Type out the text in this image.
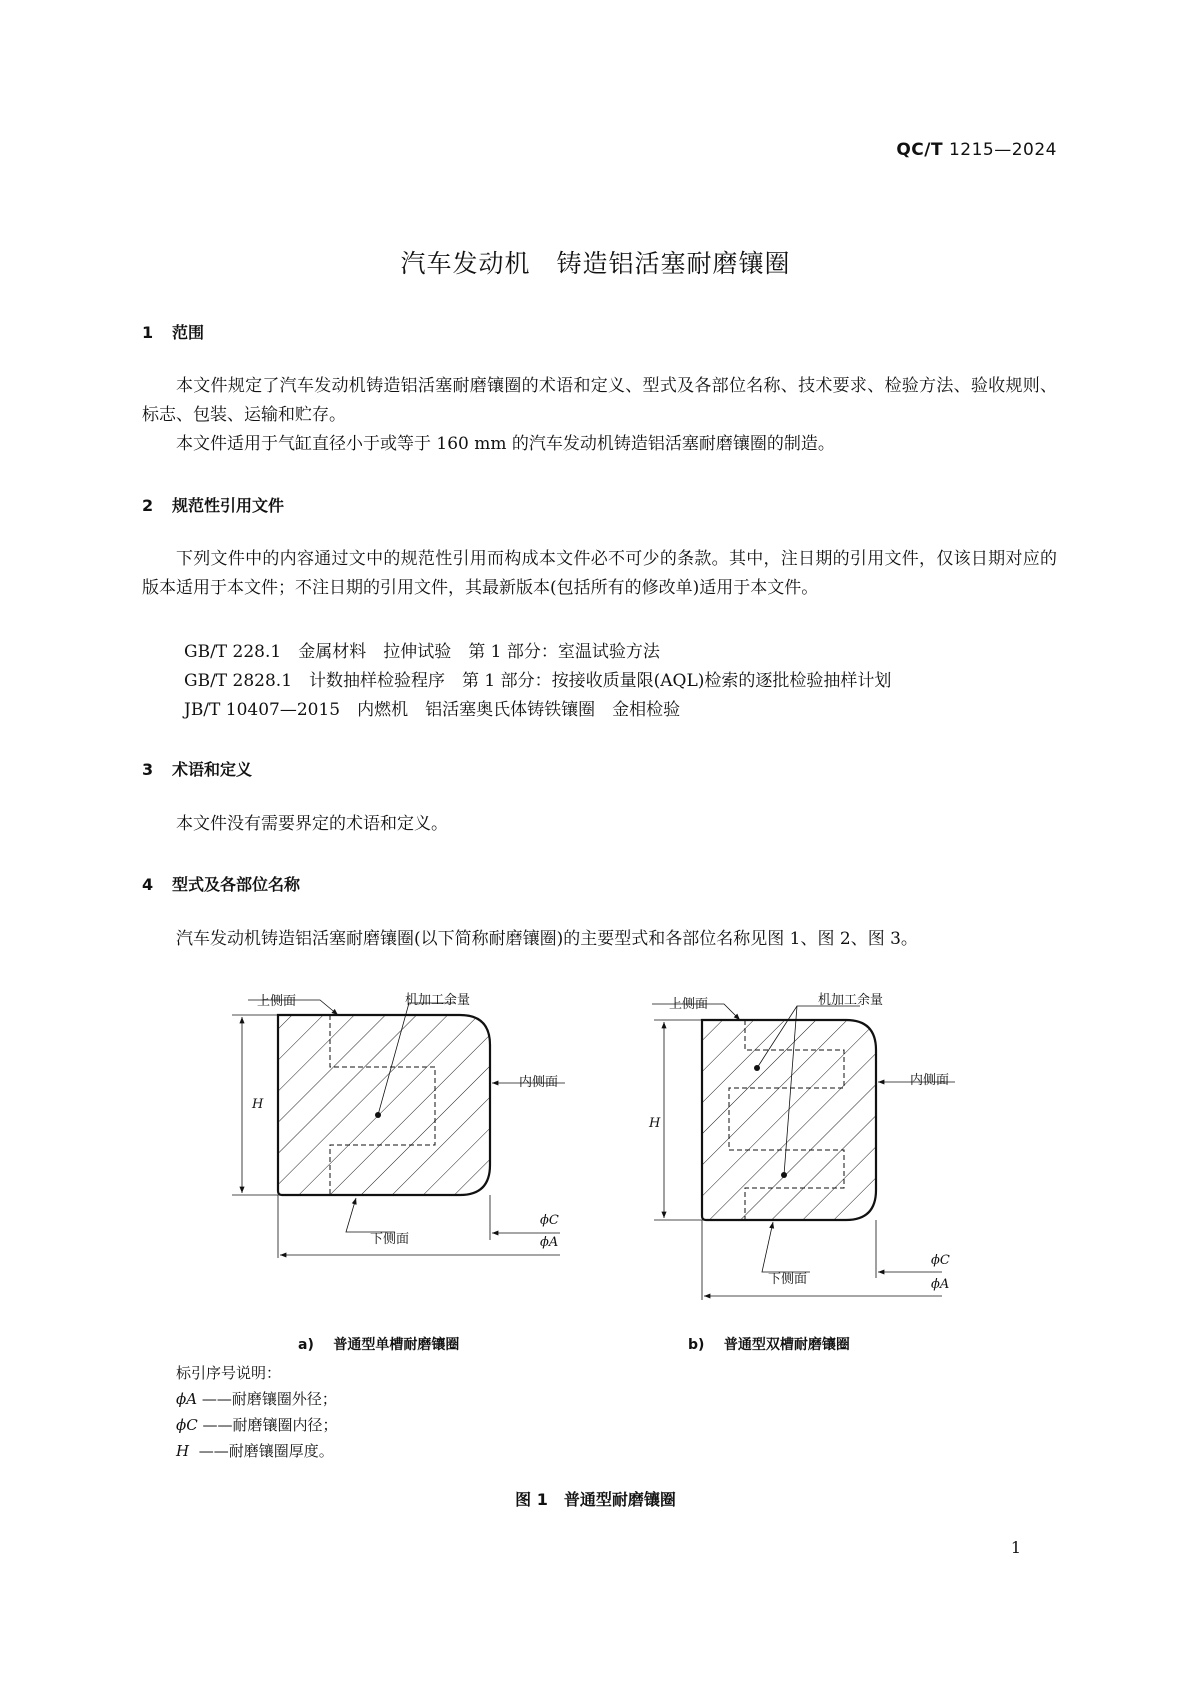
QC/T 1215—2024
汽车发动机　铸造铝活塞耐磨镶圈
1 范围
本文件规定了汽车发动机铸造铝活塞耐磨镶圈的术语和定义、型式及各部位名称、技术要求、检验方法、验收规则、标志、包装、运输和贮存。
本文件适用于气缸直径小于或等于 160 mm 的汽车发动机铸造铝活塞耐磨镶圈的制造。
2 规范性引用文件
下列文件中的内容通过文中的规范性引用而构成本文件必不可少的条款。其中，注日期的引用文件，仅该日期对应的版本适用于本文件；不注日期的引用文件，其最新版本(包括所有的修改单)适用于本文件。
GB/T 228.1　金属材料　拉伸试验　第 1 部分：室温试验方法
GB/T 2828.1　计数抽样检验程序　第 1 部分：按接收质量限(AQL)检索的逐批检验抽样计划
JB/T 10407—2015　内燃机　铝活塞奥氏体铸铁镶圈　金相检验
3 术语和定义
本文件没有需要界定的术语和定义。
4 型式及各部位名称
汽车发动机铸造铝活塞耐磨镶圈(以下简称耐磨镶圈)的主要型式和各部位名称见图 1、图 2、图 3。
上侧面	机加工余量
内侧面
下侧面
H
ϕC
ϕA
上侧面	机加工余量
内侧面
下侧面
H
ϕC
ϕA
a) 普通型单槽耐磨镶圈	b) 普通型双槽耐磨镶圈
标引序号说明：
ϕA ——耐磨镶圈外径；
ϕC ——耐磨镶圈内径；
H ——耐磨镶圈厚度。
图 1　普通型耐磨镶圈
1
